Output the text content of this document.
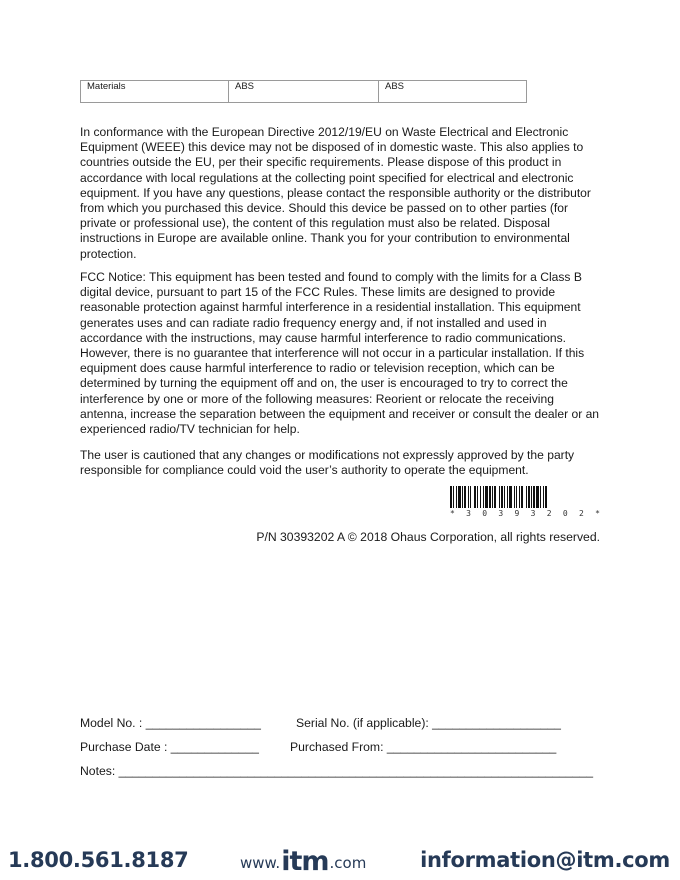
Materials	ABS	ABS

In conformance with the European Directive 2012/19/EU on Waste Electrical and Electronic Equipment (WEEE) this device may not be disposed of in domestic waste. This also applies to countries outside the EU, per their specific requirements. Please dispose of this product in accordance with local regulations at the collecting point specified for electrical and electronic equipment. If you have any questions, please contact the responsible authority or the distributor from which you purchased this device. Should this device be passed on to other parties (for private or professional use), the content of this regulation must also be related. Disposal instructions in Europe are available online. Thank you for your contribution to environmental protection.

FCC Notice: This equipment has been tested and found to comply with the limits for a Class B digital device, pursuant to part 15 of the FCC Rules. These limits are designed to provide reasonable protection against harmful interference in a residential installation. This equipment generates uses and can radiate radio frequency energy and, if not installed and used in accordance with the instructions, may cause harmful interference to radio communications. However, there is no guarantee that interference will not occur in a particular installation. If this equipment does cause harmful interference to radio or television reception, which can be determined by turning the equipment off and on, the user is encouraged to try to correct the interference by one or more of the following measures: Reorient or relocate the receiving antenna, increase the separation between the equipment and receiver or consult the dealer or an experienced radio/TV technician for help.

The user is cautioned that any changes or modifications not expressly approved by the party responsible for compliance could void the user’s authority to operate the equipment.

* 3 0 3 9 3 2 0 2 *
P/N 30393202 A © 2018 Ohaus Corporation, all rights reserved.
Model No. : _________________	Serial No. (if applicable): ___________________
Purchase Date : _____________	Purchased From: _________________________
Notes: ______________________________________________________________________
1.800.561.8187	www. itm .com	information@itm.com
